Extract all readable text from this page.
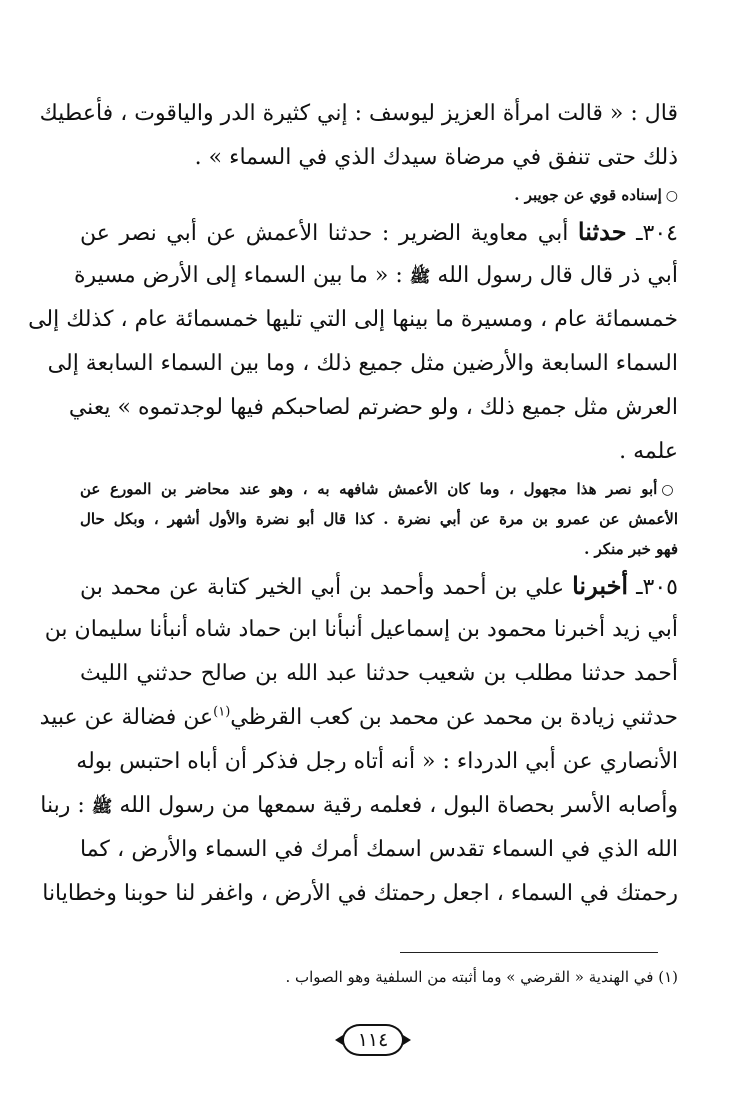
قال : « قالت امرأة العزيز ليوسف : إني كثيرة الدر والياقوت ، فأعطيك
ذلك حتى تنفق في مرضاة سيدك الذي في السماء » .
○إسناده قوي عن جويبر .
٣٠٤ـ حدثنا أبي معاوية الضرير : حدثنا الأعمش عن أبي نصر عن
أبي ذر قال قال رسول الله ﷺ : « ما بين السماء إلى الأرض مسيرة
خمسمائة عام ، ومسيرة ما بينها إلى التي تليها خمسمائة عام ، كذلك إلى
السماء السابعة والأرضين مثل جميع ذلك ، وما بين السماء السابعة إلى
العرش مثل جميع ذلك ، ولو حضرتم لصاحبكم فيها لوجدتموه » يعني
علمه .
○أبو نصر هذا مجهول ، وما كان الأعمش شافهه به ، وهو عند محاضر بن المورع عن
الأعمش عن عمرو بن مرة عن أبي نضرة . كذا قال أبو نضرة والأول أشهر ، وبكل حال
فهو خبر منكر .
٣٠٥ـ أخبرنا علي بن أحمد وأحمد بن أبي الخير كتابة عن محمد بن
أبي زيد أخبرنا محمود بن إسماعيل أنبأنا ابن حماد شاه أنبأنا سليمان بن
أحمد حدثنا مطلب بن شعيب حدثنا عبد الله بن صالح حدثني الليث
حدثني زيادة بن محمد عن محمد بن كعب القرظي$^{(١)}$عن فضالة عن عبيد
الأنصاري عن أبي الدرداء : « أنه أتاه رجل فذكر أن أباه احتبس بوله
وأصابه الأسر بحصاة البول ، فعلمه رقية سمعها من رسول الله ﷺ : ربنا
الله الذي في السماء تقدس اسمك أمرك في السماء والأرض ، كما
رحمتك في السماء ، اجعل رحمتك في الأرض ، واغفر لنا حوبنا وخطايانا
(١) في الهندية « القرضي » وما أثبته من السلفية وهو الصواب .
١١٤
